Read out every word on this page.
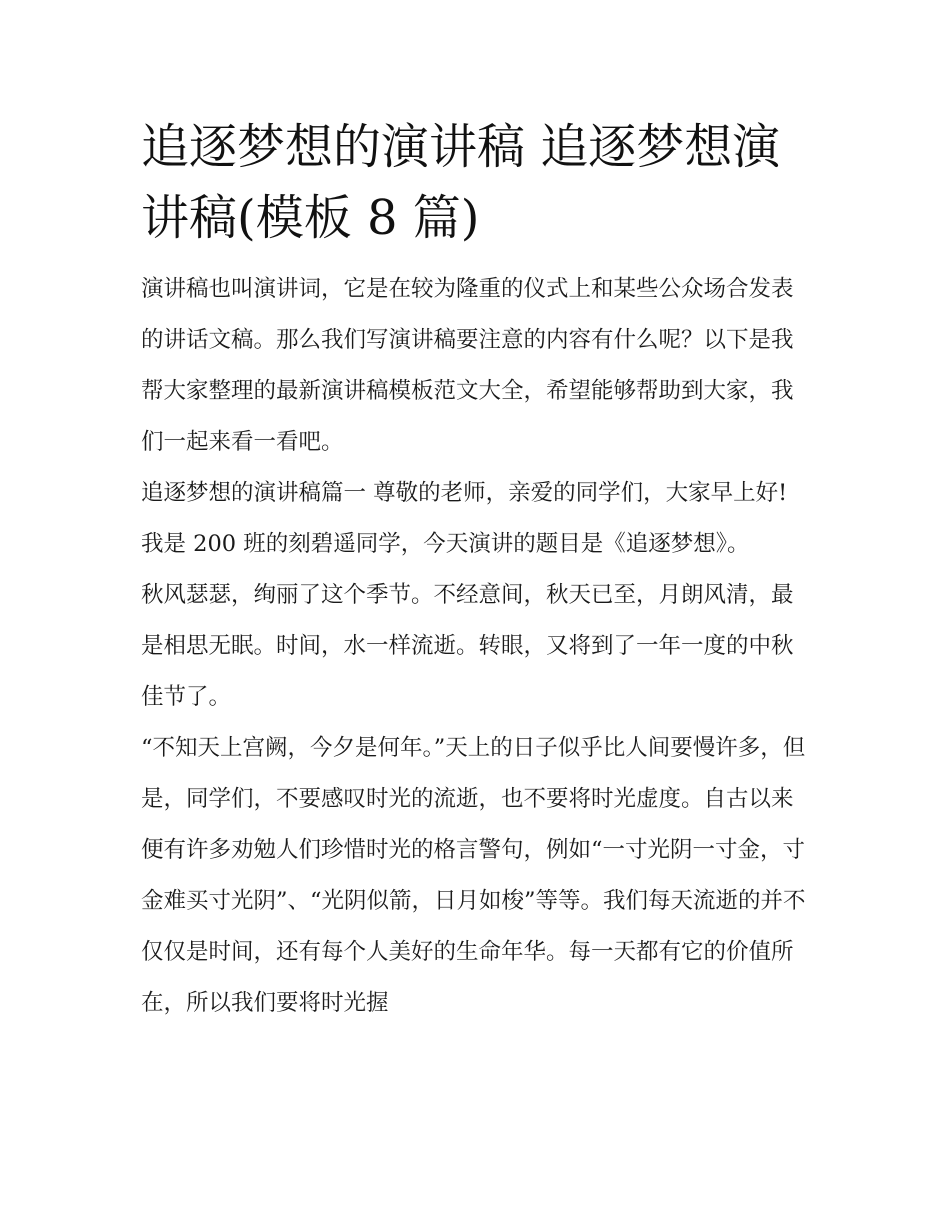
追逐梦想的演讲稿 追逐梦想演讲稿(模板 8 篇)

演讲稿也叫演讲词，它是在较为隆重的仪式上和某些公众场合发表的讲话文稿。那么我们写演讲稿要注意的内容有什么呢？以下是我帮大家整理的最新演讲稿模板范文大全，希望能够帮助到大家，我们一起来看一看吧。

追逐梦想的演讲稿篇一 尊敬的老师，亲爱的同学们，大家早上好! 我是 200 班的刻碧遥同学，今天演讲的题目是《追逐梦想》。

秋风瑟瑟，绚丽了这个季节。不经意间，秋天已至，月朗风清，最是相思无眠。时间，水一样流逝。转眼，又将到了一年一度的中秋佳节了。

“不知天上宫阙，今夕是何年。”天上的日子似乎比人间要慢许多，但是，同学们，不要感叹时光的流逝，也不要将时光虚度。自古以来便有许多劝勉人们珍惜时光的格言警句，例如“一寸光阴一寸金，寸金难买寸光阴”、“光阴似箭，日月如梭”等等。我们每天流逝的并不仅仅是时间，还有每个人美好的生命年华。每一天都有它的价值所在，所以我们要将时光握
